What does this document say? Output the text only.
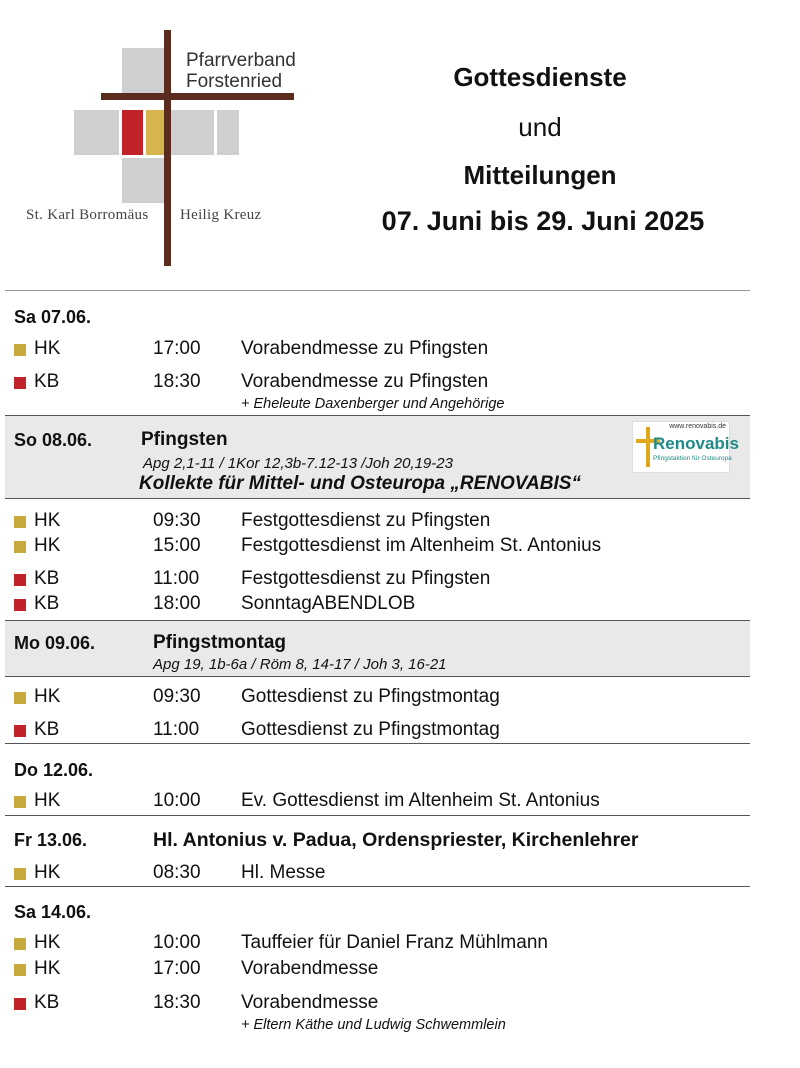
Pfarrverband
Forstenried
St. Karl Borromäus Heilig Kreuz
Gottesdienste
und
Mitteilungen
07. Juni bis 29. Juni 2025
Sa 07.06.
HK	17:00 Vorabendmesse zu Pfingsten
KB	18:30 Vorabendmesse zu Pfingsten
+ Eheleute Daxenberger und Angehörige
So 08.06.	Pfingsten
Apg 2,1-11 / 1Kor 12,3b-7.12-13 /Joh 20,19-23
Kollekte für Mittel- und Osteuropa „RENOVABIS“
www.renovabis.de
Renovabis
Pfingstaktion für Osteuropa
HK	09:30 Festgottesdienst zu Pfingsten
HK	15:00 Festgottesdienst im Altenheim St. Antonius
KB	11:00 Festgottesdienst zu Pfingsten
KB	18:00 SonntagABENDLOB
Mo 09.06.	Pfingstmontag
Apg 19, 1b-6a / Röm 8, 14-17 / Joh 3, 16-21
HK	09:30 Gottesdienst zu Pfingstmontag
KB	11:00 Gottesdienst zu Pfingstmontag
Do 12.06.
HK	10:00 Ev. Gottesdienst im Altenheim St. Antonius
Fr 13.06.	Hl. Antonius v. Padua, Ordenspriester, Kirchenlehrer
HK	08:30 Hl. Messe
Sa 14.06.
HK	10:00 Tauffeier für Daniel Franz Mühlmann
HK	17:00 Vorabendmesse
KB	18:30 Vorabendmesse
+ Eltern Käthe und Ludwig Schwemmlein
